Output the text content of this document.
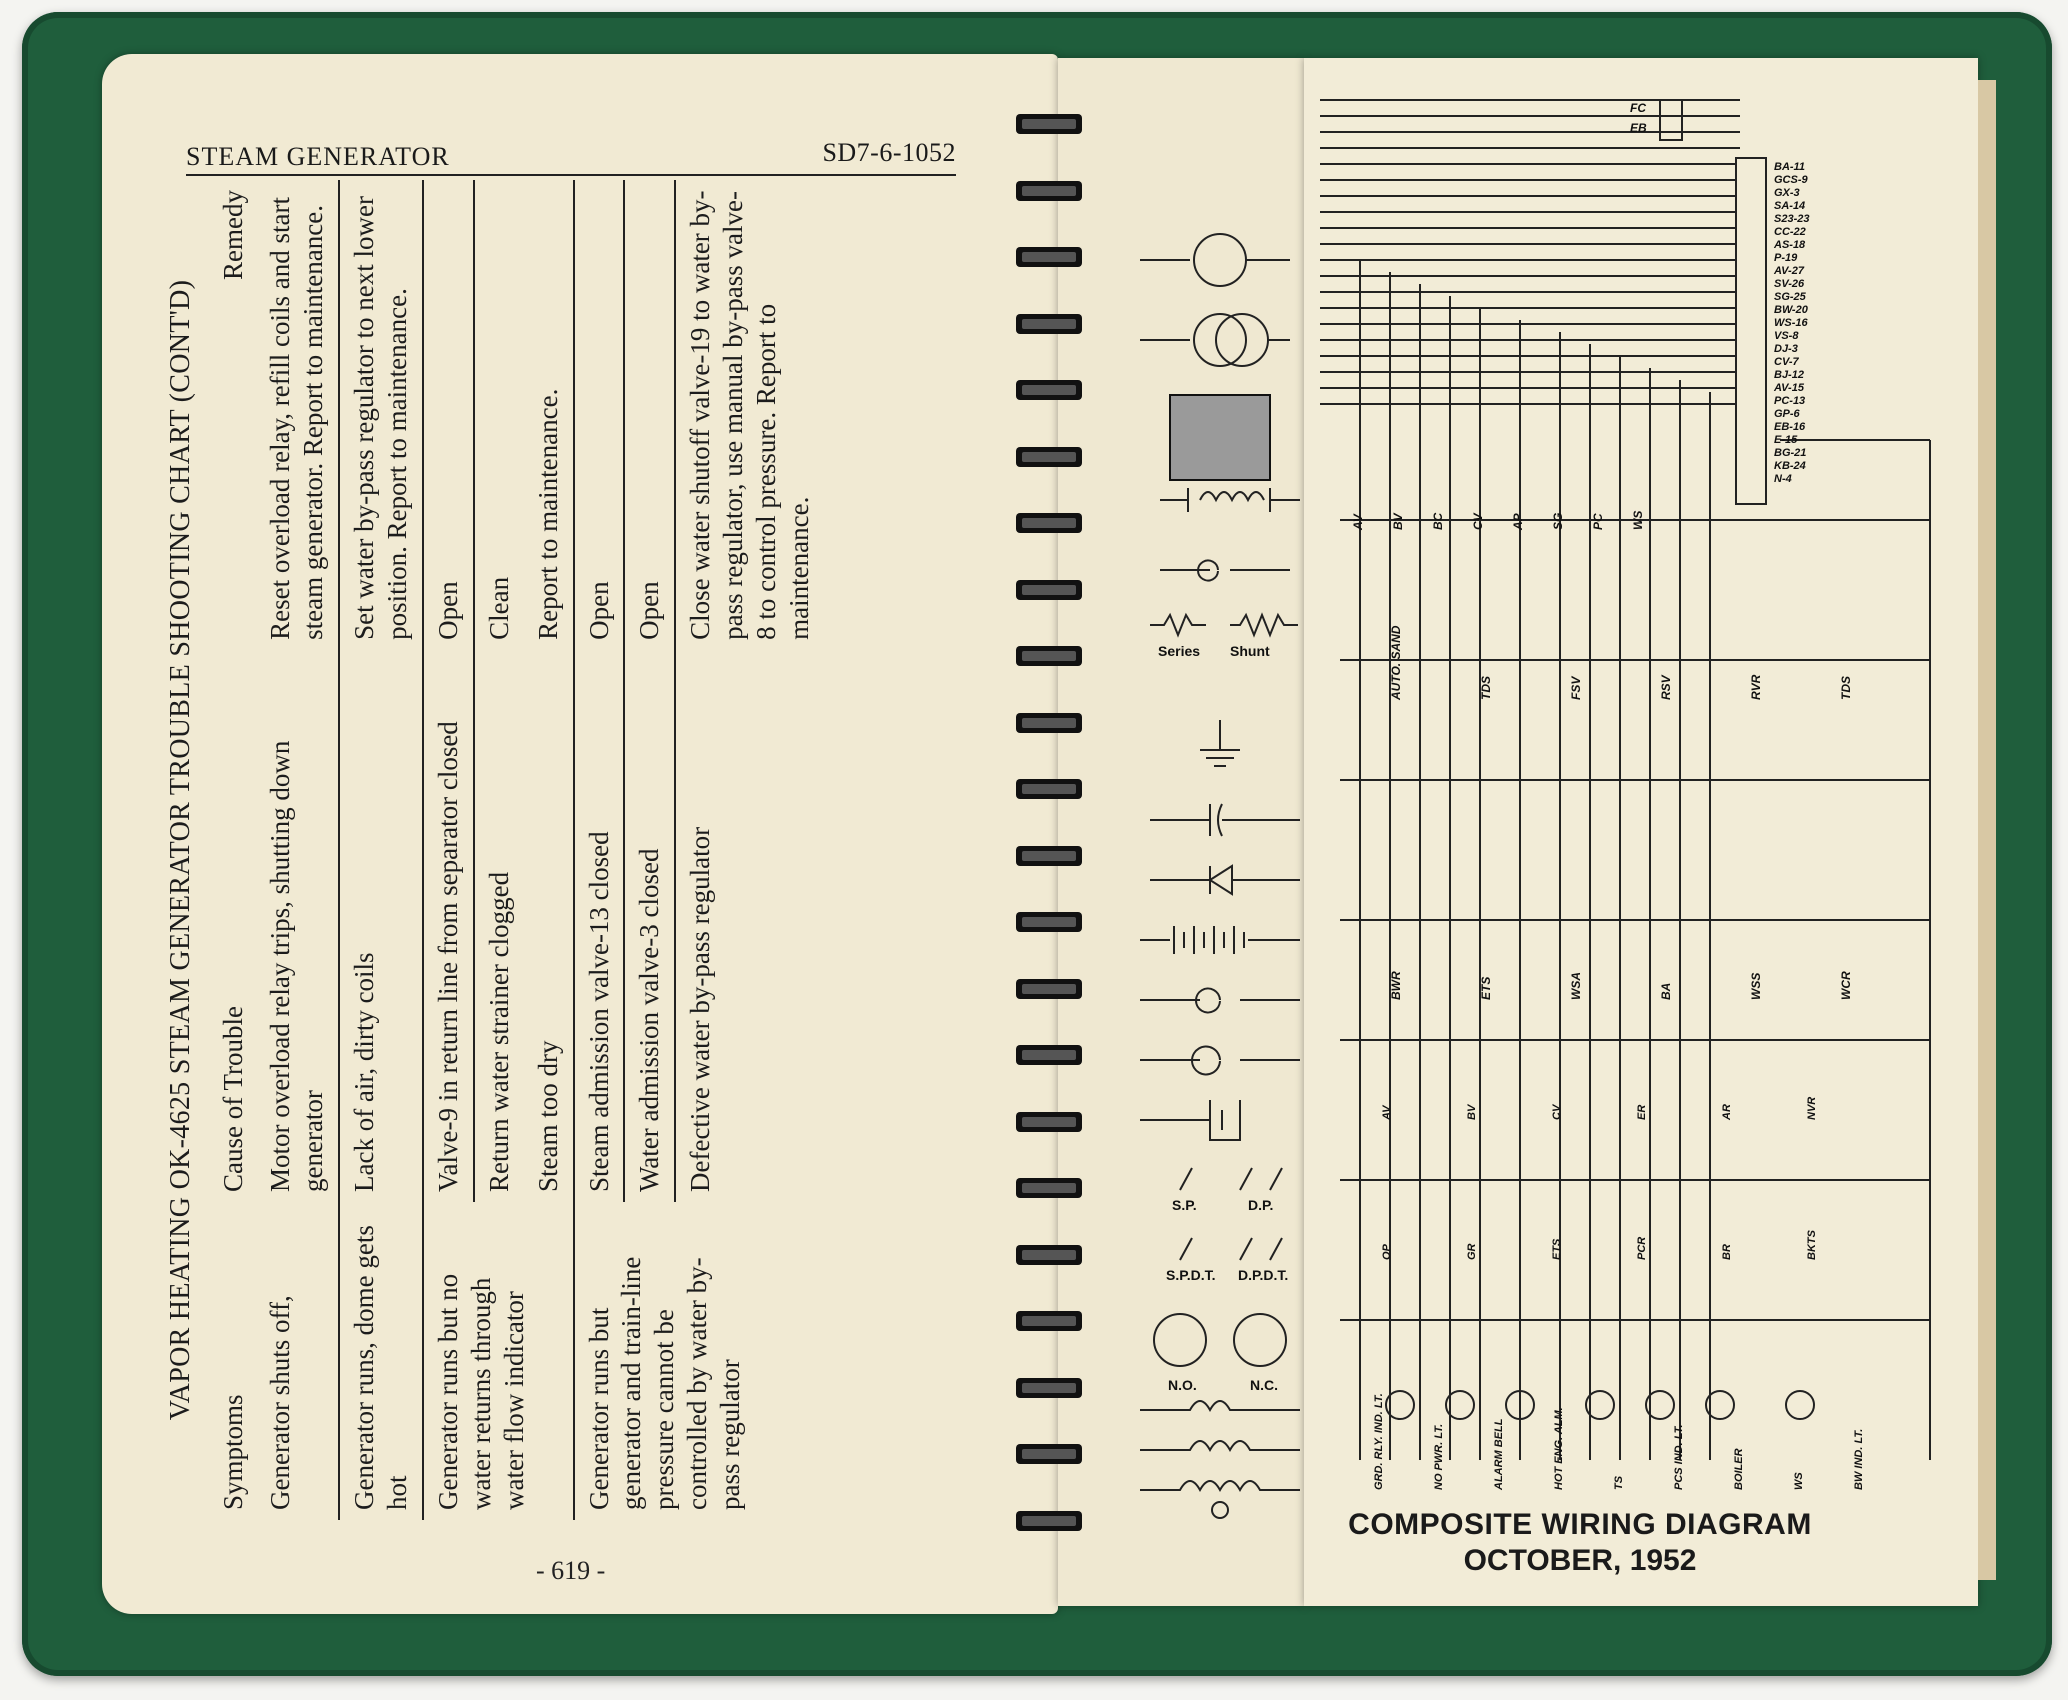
STEAM GENERATOR	SD7-6-1052
VAPOR HEATING OK-4625 STEAM GENERATOR TROUBLE SHOOTING CHART (CONT'D)
Symptoms	Cause of Trouble	Remedy
Generator shuts off,	Motor overload relay trips, shutting down generator	Reset overload relay, refill coils and start steam generator. Report to maintenance.
Generator runs, dome gets hot	Lack of air, dirty coils	Set water by-pass regulator to next lower position. Report to maintenance.
Generator runs but no water returns through water flow indicator	Valve-9 in return line from separator closed	Open
	Return water strainer clogged	Clean
	Steam too dry	Report to maintenance.
Generator runs but generator and train-line pressure cannot be controlled by water by-pass regulator	Steam admission valve-13 closed	Open
	Water admission valve-3 closed	Open
	Defective water by-pass regulator	Close water shutoff valve-19 to water by-pass regulator, use manual by-pass valve-8 to control pressure. Report to maintenance.
- 619 -
Series Shunt
S.P.	D.P.
S.P.D.T. D.P.D.T.
N.O.	N.C.
BA-11
GCS-9
GX-3
SA-14
S23-23
CC-22
AS-18
P-19
AV-27
SV-26
SG-25
BW-20
WS-16
VS-8
DJ-3
CV-7
BJ-12
AV-15
PC-13
GP-6
EB-16
E-15
BG-21
KB-24
N-4
FC
EB
AV BV BC CV AP SG PC WS
AUTO. SAND	TDS	FSV	RSV	RVR	TDS
BWR	ETS	WSA	BA	WSS	WCR
GRD. RLY. IND. LT.	NO PWR. LT.	ALARM BELL	HOT ENG. ALM.	TS	PCS IND. LT.	BOILER	WS	BW IND. LT.
AV	BV	CV	ER	AR	NVR
OP	GR	ETS	PCR	BR	BKTS
COMPOSITE WIRING DIAGRAM
OCTOBER, 1952
